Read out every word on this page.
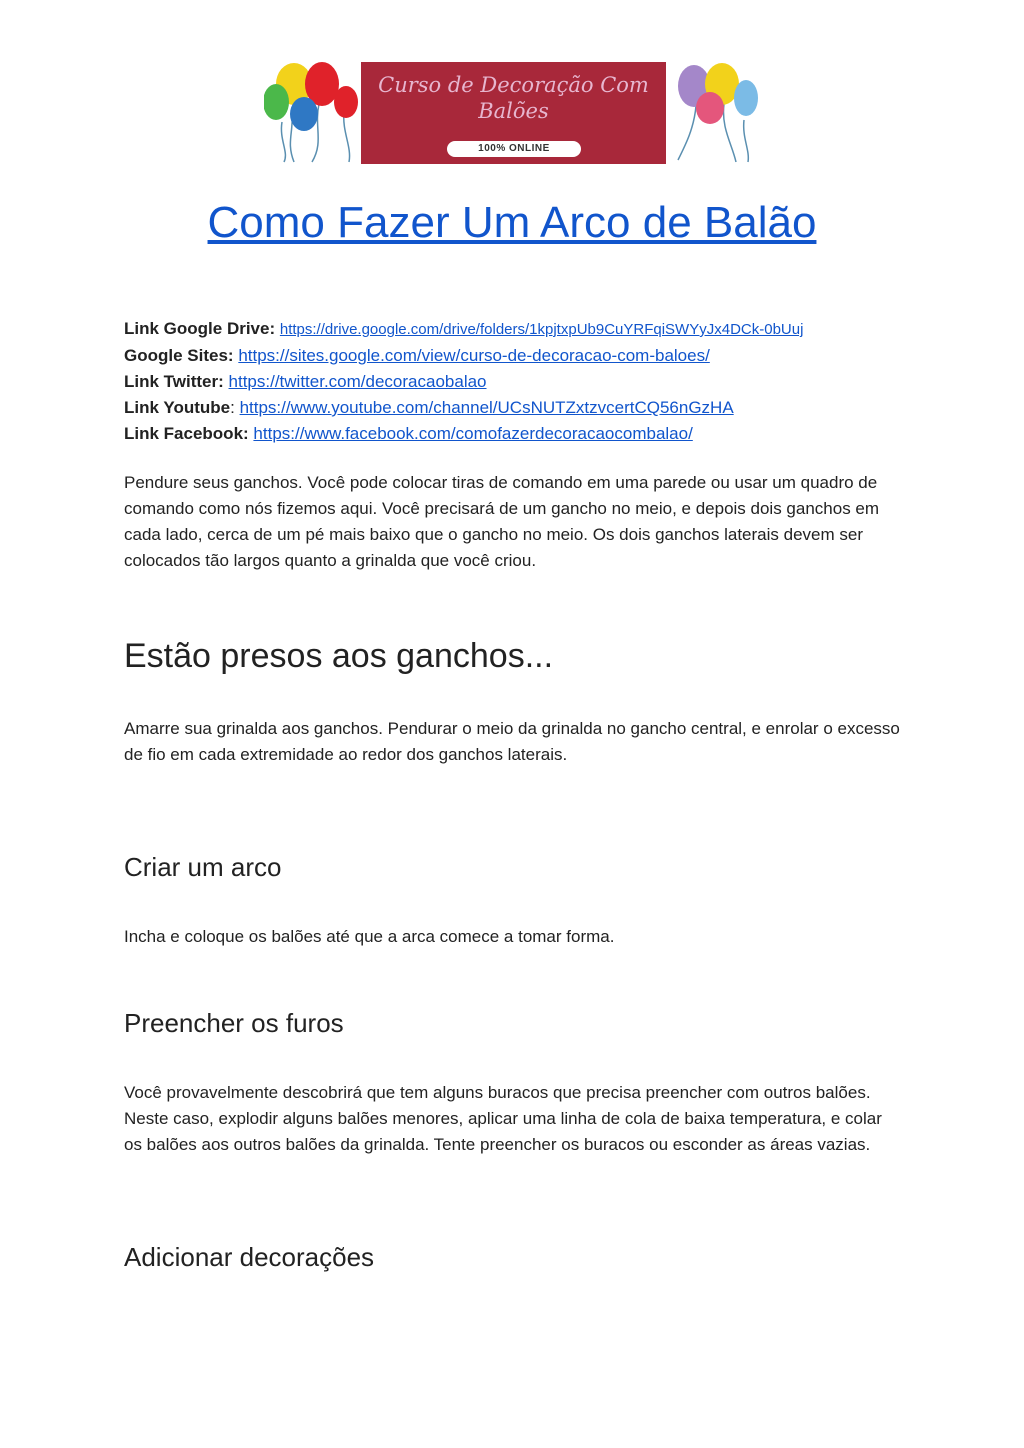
Curso de Decoração Com Balões
100% ONLINE
Como Fazer Um Arco de Balão
Link Google Drive: https://drive.google.com/drive/folders/1kpjtxpUb9CuYRFqiSWYyJx4DCk-0bUuj
Google Sites: https://sites.google.com/view/curso-de-decoracao-com-baloes/
Link Twitter: https://twitter.com/decoracaobalao
Link Youtube: https://www.youtube.com/channel/UCsNUTZxtzvcertCQ56nGzHA
Link Facebook: https://www.facebook.com/comofazerdecoracaocombalao/

Pendure seus ganchos. Você pode colocar tiras de comando em uma parede ou usar um quadro de comando como nós fizemos aqui. Você precisará de um gancho no meio, e depois dois ganchos em cada lado, cerca de um pé mais baixo que o gancho no meio. Os dois ganchos laterais devem ser colocados tão largos quanto a grinalda que você criou.

Estão presos aos ganchos...

Amarre sua grinalda aos ganchos. Pendurar o meio da grinalda no gancho central, e enrolar o excesso de fio em cada extremidade ao redor dos ganchos laterais.

Criar um arco

Incha e coloque os balões até que a arca comece a tomar forma.

Preencher os furos

Você provavelmente descobrirá que tem alguns buracos que precisa preencher com outros balões. Neste caso, explodir alguns balões menores, aplicar uma linha de cola de baixa temperatura, e colar os balões aos outros balões da grinalda. Tente preencher os buracos ou esconder as áreas vazias.

Adicionar decorações
